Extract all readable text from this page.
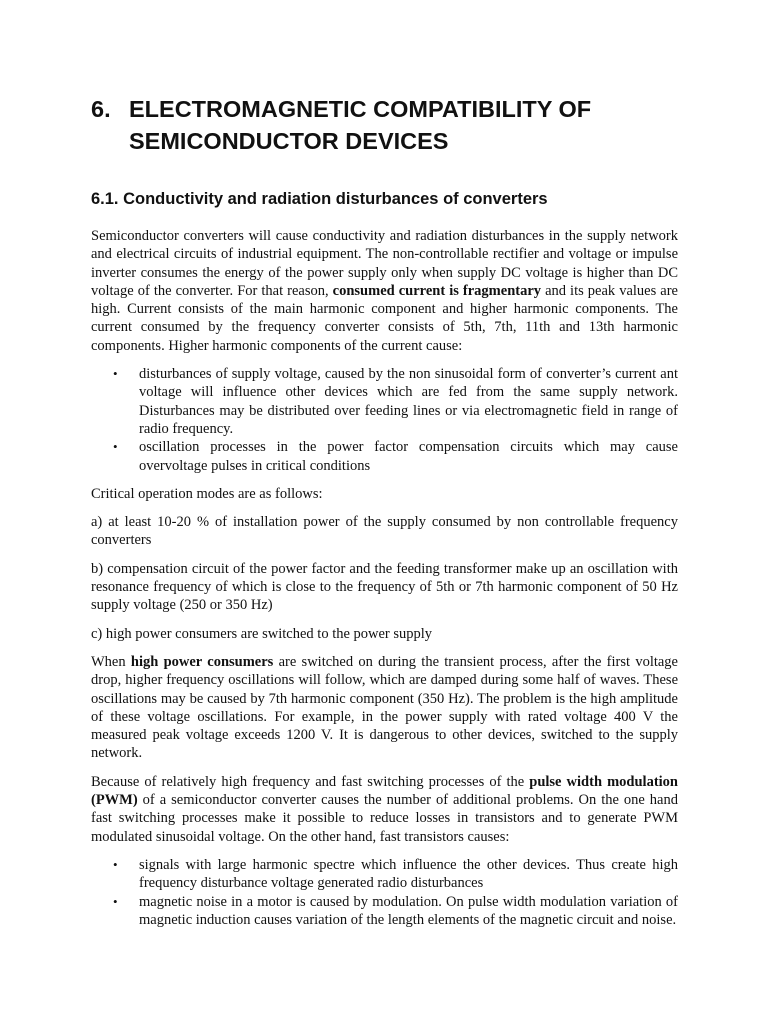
6. ELECTROMAGNETIC COMPATIBILITY OF SEMICONDUCTOR DEVICES
6.1. Conductivity and radiation disturbances of converters

Semiconductor converters will cause conductivity and radiation disturbances in the supply network and electrical circuits of industrial equipment. The non-controllable rectifier and voltage or impulse inverter consumes the energy of the power supply only when supply DC voltage is higher than DC voltage of the converter. For that reason, consumed current is fragmentary and its peak values are high. Current consists of the main harmonic component and higher harmonic components. The current consumed by the frequency converter consists of 5th, 7th, 11th and 13th harmonic components. Higher harmonic components of the current cause:

• disturbances of supply voltage, caused by the non sinusoidal form of converter’s current ant voltage will influence other devices which are fed from the same supply network. Disturbances may be distributed over feeding lines or via electromagnetic field in range of radio frequency.
• oscillation processes in the power factor compensation circuits which may cause overvoltage pulses in critical conditions

Critical operation modes are as follows:

a) at least 10-20 % of installation power of the supply consumed by non controllable frequency converters

b) compensation circuit of the power factor and the feeding transformer make up an oscillation with resonance frequency of which is close to the frequency of 5th or 7th harmonic component of 50 Hz supply voltage (250 or 350 Hz)

c) high power consumers are switched to the power supply

When high power consumers are switched on during the transient process, after the first voltage drop, higher frequency oscillations will follow, which are damped during some half of waves. These oscillations may be caused by 7th harmonic component (350 Hz). The problem is the high amplitude of these voltage oscillations. For example, in the power supply with rated voltage 400 V the measured peak voltage exceeds 1200 V. It is dangerous to other devices, switched to the supply network.

Because of relatively high frequency and fast switching processes of the pulse width modulation (PWM) of a semiconductor converter causes the number of additional problems. On the one hand fast switching processes make it possible to reduce losses in transistors and to generate PWM modulated sinusoidal voltage. On the other hand, fast transistors causes:

• signals with large harmonic spectre which influence the other devices. Thus create high frequency disturbance voltage generated radio disturbances
• magnetic noise in a motor is caused by modulation. On pulse width modulation variation of magnetic induction causes variation of the length elements of the magnetic circuit and noise.
